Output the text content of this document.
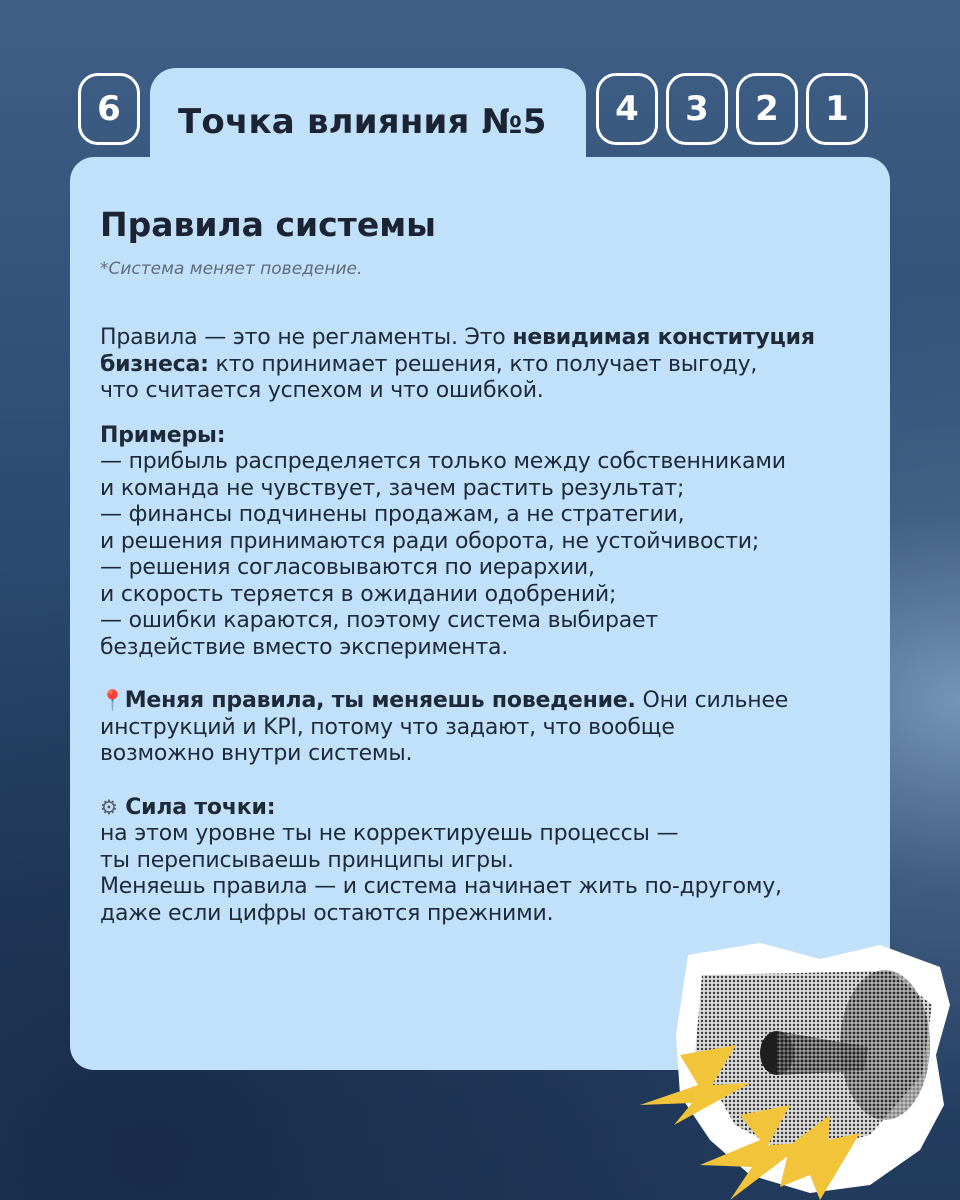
6	Точка влияния №5	4	3	2	1
Правила системы
*Система меняет поведение.
Правила — это не регламенты. Это невидимая конституция
бизнеса: кто принимает решения, кто получает выгоду,
что считается успехом и что ошибкой.
Примеры:
— прибыль распределяется только между собственниками
и команда не чувствует, зачем растить результат;
— финансы подчинены продажам, а не стратегии,
и решения принимаются ради оборота, не устойчивости;
— решения согласовываются по иерархии,
и скорость теряется в ожидании одобрений;
— ошибки караются, поэтому система выбирает
бездействие вместо эксперимента.
📍Меняя правила, ты меняешь поведение. Они сильнее
инструкций и KPI, потому что задают, что вообще
возможно внутри системы.
⚙ Сила точки:
на этом уровне ты не корректируешь процессы —
ты переписываешь принципы игры.
Меняешь правила — и система начинает жить по-другому,
даже если цифры остаются прежними.
